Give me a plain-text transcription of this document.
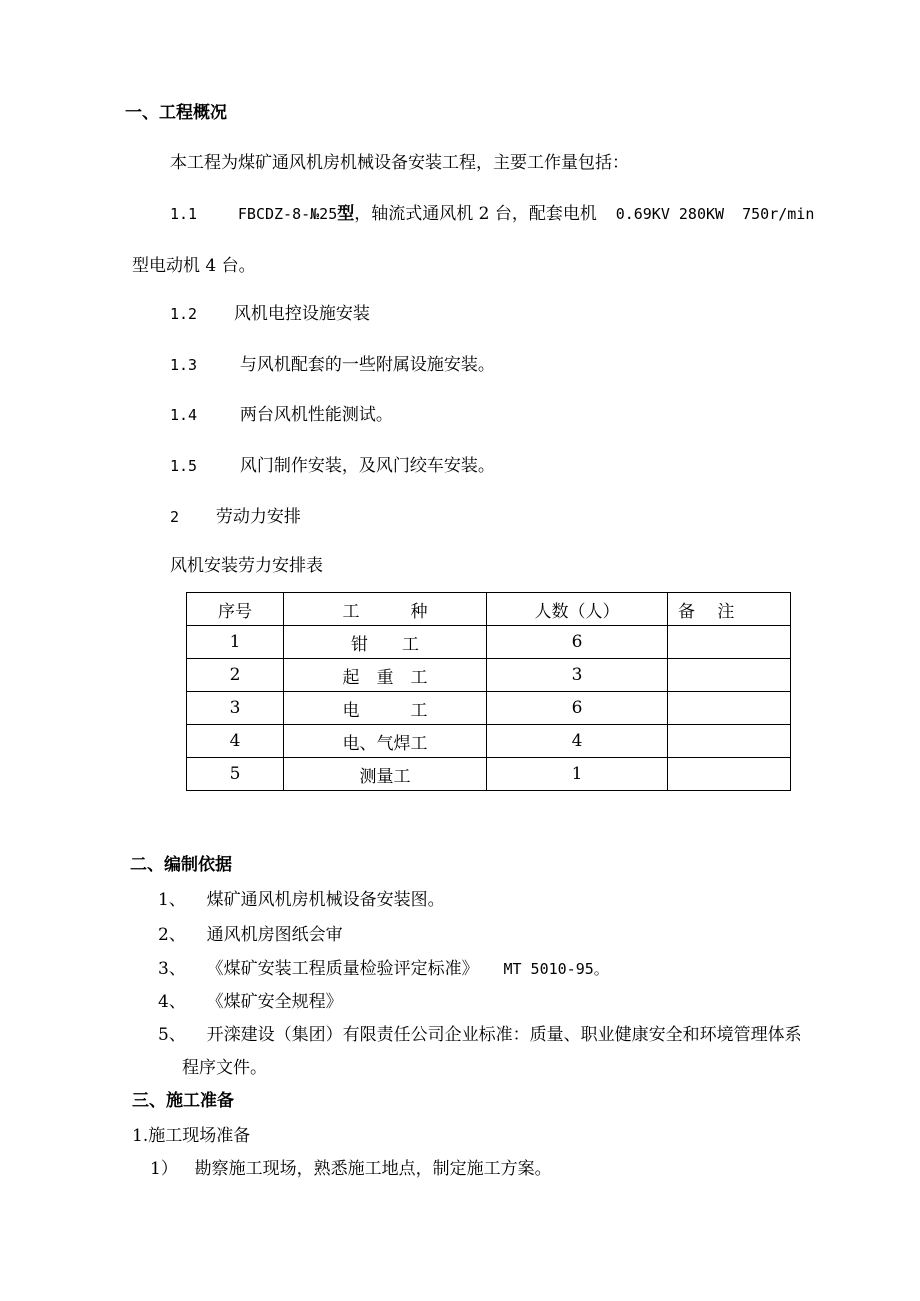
一、工程概况
本工程为煤矿通风机房机械设备安装工程，主要工作量包括：
1.1	FBCDZ-8-№25型，轴流式通风机 2 台，配套电机 0.69KV 280KW  750r/min
型电动机 4 台。
1.2 风机电控设施安装
1.3	与风机配套的一些附属设施安装。
1.4	两台风机性能测试。
1.5	风门制作安装，及风门绞车安装。
2 劳动力安排
风机安装劳力安排表
序号	工　　　种	人数（人）	备　 注
1	钳　　工	6	
2	起　重　工	3	
3	电　　　工	6	
4	电、气焊工	4	
5	测量工	1	
二、编制依据
1、 煤矿通风机房机械设备安装图。
2、 通风机房图纸会审
3、 《煤矿安装工程质量检验评定标准》 MT 5010-95。
4、 《煤矿安全规程》
5、 开滦建设（集团）有限责任公司企业标准：质量、职业健康安全和环境管理体系
程序文件。
三、施工准备
1.施工现场准备
1） 勘察施工现场，熟悉施工地点，制定施工方案。
